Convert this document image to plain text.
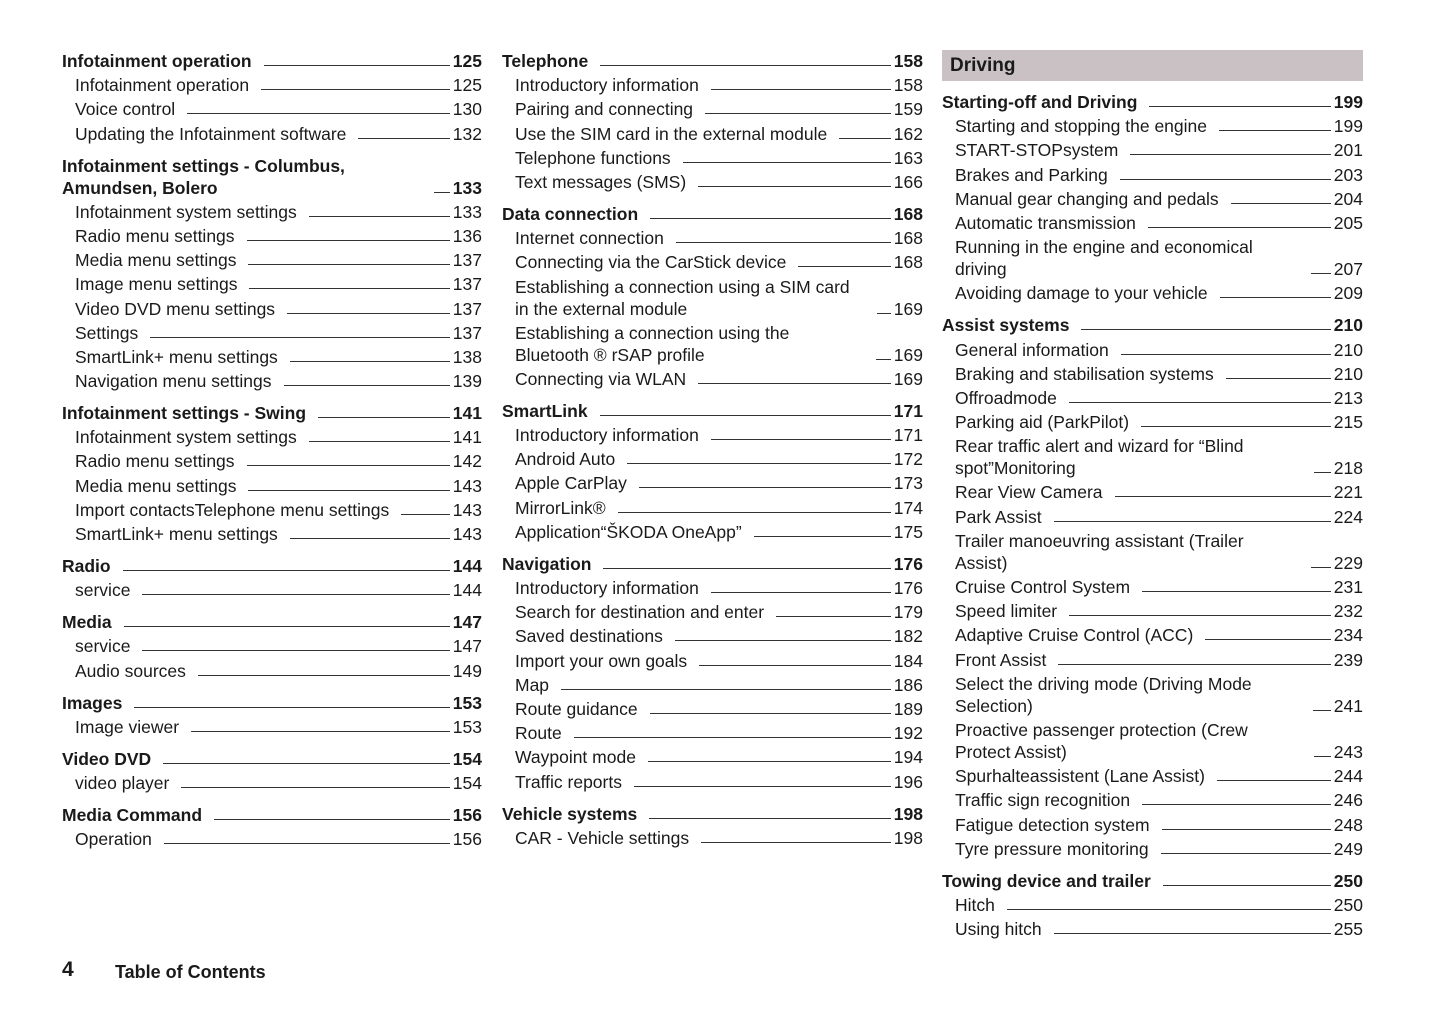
Infotainment operation	125
Infotainment operation	125
Voice control	130
Updating the Infotainment software	132
Infotainment settings - Columbus, Amundsen, Bolero	133
Infotainment system settings	133
Radio menu settings	136
Media menu settings	137
Image menu settings	137
Video DVD menu settings	137
Settings	137
SmartLink+ menu settings	138
Navigation menu settings	139
Infotainment settings - Swing	141
Infotainment system settings	141
Radio menu settings	142
Media menu settings	143
Import contactsTelephone menu settings	143
SmartLink+ menu settings	143
Radio	144
service	144
Media	147
service	147
Audio sources	149
Images	153
Image viewer	153
Video DVD	154
video player	154
Media Command	156
Operation	156
Telephone	158
Introductory information	158
Pairing and connecting	159
Use the SIM card in the external module	162
Telephone functions	163
Text messages (SMS)	166
Data connection	168
Internet connection	168
Connecting via the CarStick device	168
Establishing a connection using a SIM card in the external module	169
Establishing a connection using the Bluetooth ® rSAP profile	169
Connecting via WLAN	169
SmartLink	171
Introductory information	171
Android Auto	172
Apple CarPlay	173
MirrorLink®	174
Application“ŠKODA OneApp”	175
Navigation	176
Introductory information	176
Search for destination and enter	179
Saved destinations	182
Import your own goals	184
Map	186
Route guidance	189
Route	192
Waypoint mode	194
Traffic reports	196
Vehicle systems	198
CAR - Vehicle settings	198
Driving
Starting-off and Driving	199
Starting and stopping the engine	199
START-STOPsystem	201
Brakes and Parking	203
Manual gear changing and pedals	204
Automatic transmission	205
Running in the engine and economical driving	207
Avoiding damage to your vehicle	209
Assist systems	210
General information	210
Braking and stabilisation systems	210
Offroadmode	213
Parking aid (ParkPilot)	215
Rear traffic alert and wizard for “Blind spot”Monitoring	218
Rear View Camera	221
Park Assist	224
Trailer manoeuvring assistant (Trailer Assist)	229
Cruise Control System	231
Speed limiter	232
Adaptive Cruise Control (ACC)	234
Front Assist	239
Select the driving mode (Driving Mode Selection)	241
Proactive passenger protection (Crew Protect Assist)	243
Spurhalteassistent (Lane Assist)	244
Traffic sign recognition	246
Fatigue detection system	248
Tyre pressure monitoring	249
Towing device and trailer	250
Hitch	250
Using hitch	255
4 Table of Contents
